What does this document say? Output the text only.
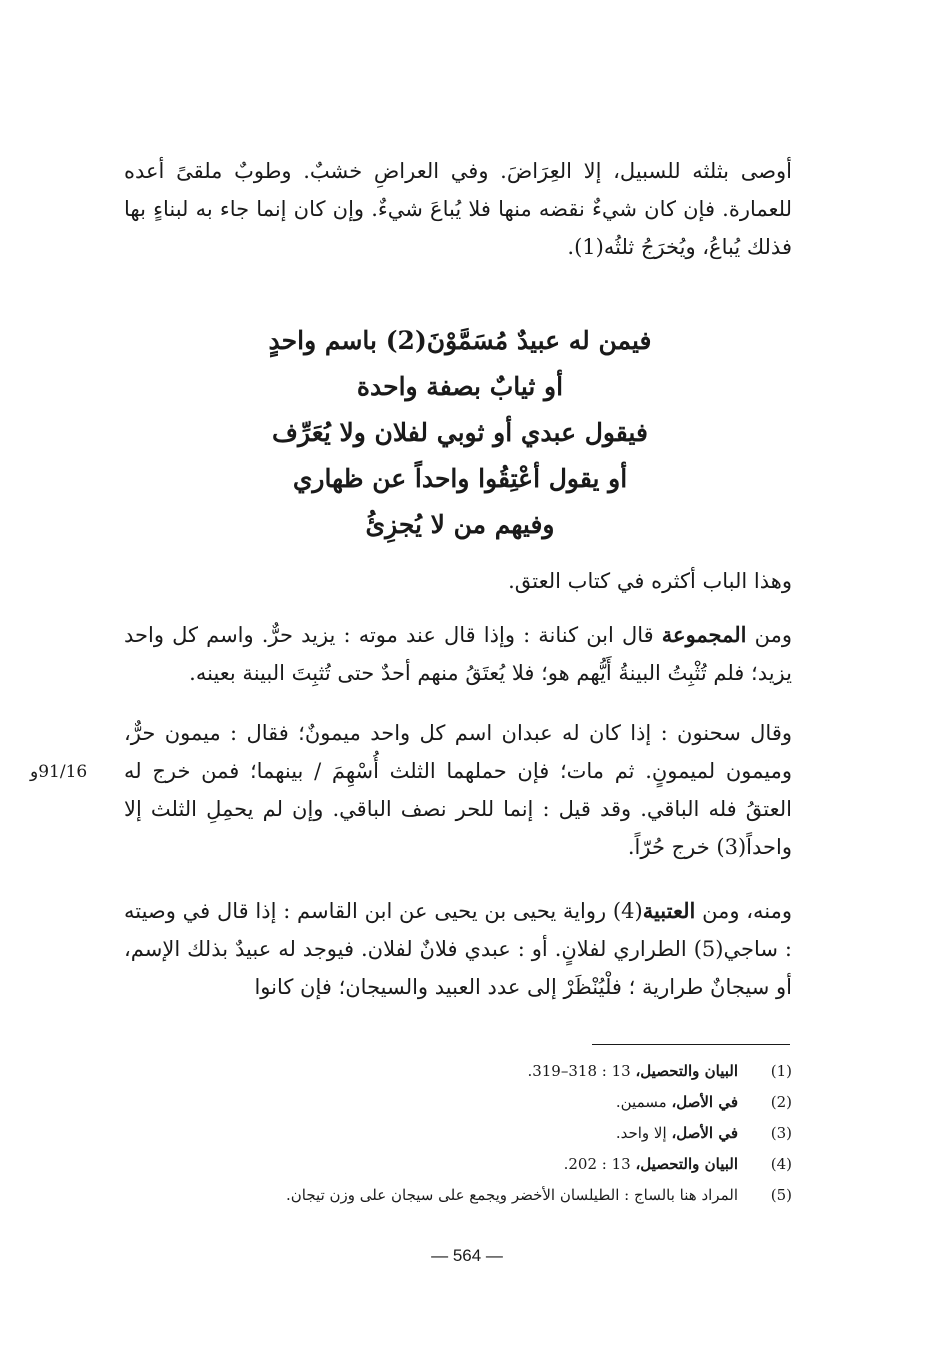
أوصى بثلثه للسبيل، إلا العِرَاضَ. وفي العراضِ خشبٌ. وطوبٌ ملقىً أعده للعمارة. فإن كان شيءٌ نقضه منها فلا يُباعَ شيءٌ. وإن كان إنما جاء به لبناءٍ بها فذلك يُباعُ، ويُخرَجُ ثلثُه(1).

فيمن له عبيدٌ مُسَمَّوْنَ(2) باسم واحدٍ
أو ثيابٌ بصفة واحدة
فيقول عبدي أو ثوبي لفلان ولا يُعَرِّف
أو يقول أعْتِقُوا واحداً عن ظهاري
وفيهم من لا يُجزِئُ

وهذا الباب أكثره في كتاب العتق.

ومن المجموعة قال ابن كنانة : وإذا قال عند موته : يزيد حرٌّ. واسم كل واحد يزيد؛ فلم تُثْبِتُ البينةُ أَيُّهم هو؛ فلا يُعتَقُ منهم أحدٌ حتى تُثبِتَ البينة بعينه.

وقال سحنون : إذا كان له عبدان اسم كل واحد ميمونٌ؛ فقال : ميمون حرٌّ، وميمون لميمونٍ. ثم مات؛ فإن حملهما الثلث أُسْهِمَ / بينهما؛ فمن خرج له العتقُ فله الباقي. وقد قيل : إنما للحر نصف الباقي. وإن لم يحمِلِ الثلث إلا واحداً(3) خرج حُرّاً.

91/16و

ومنه، ومن العتبية(4) رواية يحيى بن يحيى عن ابن القاسم : إذا قال في وصيته : ساجي(5) الطراري لفلانٍ. أو : عبدي فلانٌ لفلان. فيوجد له عبيدٌ بذلك الإسم، أو سيجانٌ طرارية ؛ فلْيُنْظَرْ إلى عدد العبيد والسيجان؛ فإن كانوا

(1)
البيان والتحصيل، 13 : 318–319.
(2)
في الأصل، مسمين.
(3)
في الأصل، إلا واحد.
(4)
البيان والتحصيل، 13 : 202.
(5)
المراد هنا بالساج : الطيلسان الأخضر ويجمع على سيجان على وزن تيجان.
— 564 —
